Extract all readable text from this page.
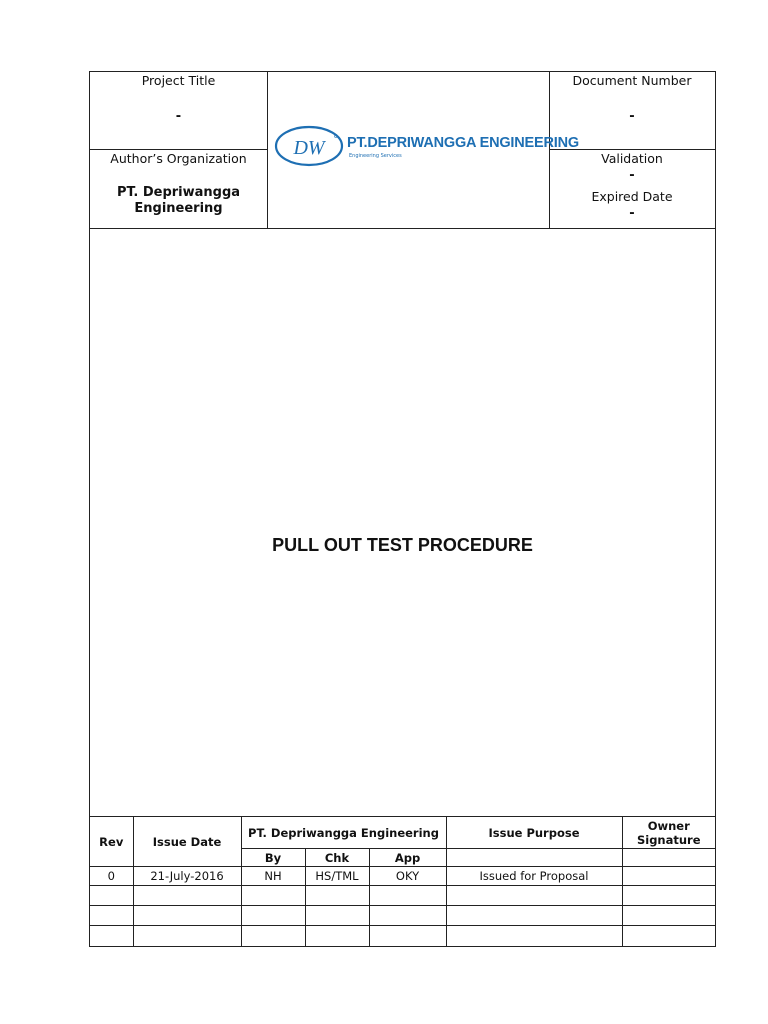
Project Title
-
Author’s Organization
PT. Depriwangga
Engineering
DW
c PT.DEPRIWANGGA ENGINEERING
Engineering Services
Document Number
-
Validation
-
Expired Date
-
PULL OUT TEST PROCEDURE
Rev	Issue Date	PT. Depriwangga Engineering			Issue Purpose	Owner
Signature

		By	Chk	App		
0	21-July-2016	NH	HS/TML	OKY	Issued for Proposal	
